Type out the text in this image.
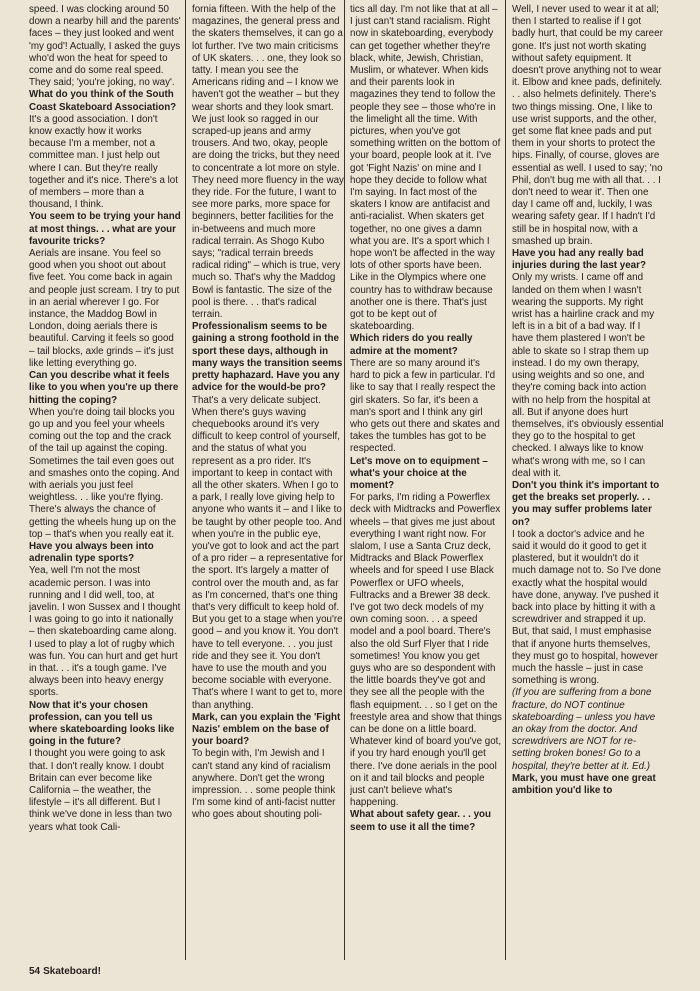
speed. I was clocking around 50 down a nearby hill and the parents' faces – they just looked and went 'my god'! Actually, I asked the guys who'd won the heat for speed to come and do some real speed. They said; 'you're joking, no way'.

What do you think of the South Coast Skateboard Association?

It's a good association. I don't know exactly how it works because I'm a member, not a committee man. I just help out where I can. But they're really together and it's nice. There's a lot of members – more than a thousand, I think.

You seem to be trying your hand at most things. . . what are your favourite tricks?

Aerials are insane. You feel so good when you shoot out about five feet. You come back in again and people just scream. I try to put in an aerial wherever I go. For instance, the Maddog Bowl in London, doing aerials there is beautiful. Carving it feels so good – tail blocks, axle grinds – it's just like letting everything go.

Can you describe what it feels like to you when you're up there hitting the coping?

When you're doing tail blocks you go up and you feel your wheels coming out the top and the crack of the tail up against the coping. Sometimes the tail even goes out and smashes onto the coping. And with aerials you just feel weightless. . . like you're flying. There's always the chance of getting the wheels hung up on the top – that's when you really eat it.

Have you always been into adrenalin type sports?

Yea, well I'm not the most academic person. I was into running and I did well, too, at javelin. I won Sussex and I thought I was going to go into it nationally – then skateboarding came along. I used to play a lot of rugby which was fun. You can hurt and get hurt in that. . . it's a tough game. I've always been into heavy energy sports.

Now that it's your chosen profession, can you tell us where skateboarding looks like going in the future?

I thought you were going to ask that. I don't really know. I doubt Britain can ever become like California – the weather, the lifestyle – it's all different. But I think we've done in less than two years what took Cali-

fornia fifteen. With the help of the magazines, the general press and the skaters themselves, it can go a lot further. I've two main criticisms of UK skaters. . . one, they look so tatty. I mean you see the Americans riding and – I know we haven't got the weather – but they wear shorts and they look smart. We just look so ragged in our scraped-up jeans and army trousers. And two, okay, people are doing the tricks, but they need to concentrate a lot more on style. They need more fluency in the way they ride. For the future, I want to see more parks, more space for beginners, better facilities for the in-betweens and much more radical terrain. As Shogo Kubo says; "radical terrain breeds radical riding" – which is true, very much so. That's why the Maddog Bowl is fantastic. The size of the pool is there. . . that's radical terrain.

Professionalism seems to be gaining a strong foothold in the sport these days, although in many ways the transition seems pretty haphazard. Have you any advice for the would-be pro?

That's a very delicate subject. When there's guys waving chequebooks around it's very difficult to keep control of yourself, and the status of what you represent as a pro rider. It's important to keep in contact with all the other skaters. When I go to a park, I really love giving help to anyone who wants it – and I like to be taught by other people too. And when you're in the public eye, you've got to look and act the part of a pro rider – a representative for the sport. It's largely a matter of control over the mouth and, as far as I'm concerned, that's one thing that's very difficult to keep hold of. But you get to a stage when you're good – and you know it. You don't have to tell everyone. . . you just ride and they see it. You don't have to use the mouth and you become sociable with everyone. That's where I want to get to, more than anything.

Mark, can you explain the 'Fight Nazis' emblem on the base of your board?

To begin with, I'm Jewish and I can't stand any kind of racialism anywhere. Don't get the wrong impression. . . some people think I'm some kind of anti-facist nutter who goes about shouting poli-

tics all day. I'm not like that at all – I just can't stand racialism. Right now in skateboarding, everybody can get together whether they're black, white, Jewish, Christian, Muslim, or whatever. When kids and their parents look in magazines they tend to follow the people they see – those who're in the limelight all the time. With pictures, when you've got something written on the bottom of your board, people look at it. I've got 'Fight Nazis' on mine and I hope they decide to follow what I'm saying. In fact most of the skaters I know are antifacist and anti-racialist. When skaters get together, no one gives a damn what you are. It's a sport which I hope won't be affected in the way lots of other sports have been. Like in the Olympics where one country has to withdraw because another one is there. That's just got to be kept out of skateboarding.

Which riders do you really admire at the moment?

There are so many around it's hard to pick a few in particular. I'd like to say that I really respect the girl skaters. So far, it's been a man's sport and I think any girl who gets out there and skates and takes the tumbles has got to be respected.

Let's move on to equipment – what's your choice at the moment?

For parks, I'm riding a Powerflex deck with Midtracks and Powerflex wheels – that gives me just about everything I want right now. For slalom, I use a Santa Cruz deck, Midtracks and Black Powerflex wheels and for speed I use Black Powerflex or UFO wheels, Fultracks and a Brewer 38 deck. I've got two deck models of my own coming soon. . . a speed model and a pool board. There's also the old Surf Flyer that I ride sometimes! You know you get guys who are so despondent with the little boards they've got and they see all the people with the flash equipment. . . so I get on the freestyle area and show that things can be done on a little board. Whatever kind of board you've got, if you try hard enough you'll get there. I've done aerials in the pool on it and tail blocks and people just can't believe what's happening.

What about safety gear. . . you seem to use it all the time?

Well, I never used to wear it at all; then I started to realise if I got badly hurt, that could be my career gone. It's just not worth skating without safety equipment. It doesn't prove anything not to wear it. Elbow and knee pads, definitely. . . also helmets definitely. There's two things missing. One, I like to use wrist supports, and the other, get some flat knee pads and put them in your shorts to protect the hips. Finally, of course, gloves are essential as well. I used to say; 'no Phil, don't bug me with all that. . . I don't need to wear it'. Then one day I came off and, luckily, I was wearing safety gear. If I hadn't I'd still be in hospital now, with a smashed up brain.

Have you had any really bad injuries during the last year?

Only my wrists. I came off and landed on them when I wasn't wearing the supports. My right wrist has a hairline crack and my left is in a bit of a bad way. If I have them plastered I won't be able to skate so I strap them up instead. I do my own therapy, using weights and so one, and they're coming back into action with no help from the hospital at all. But if anyone does hurt themselves, it's obviously essential they go to the hospital to get checked. I always like to know what's wrong with me, so I can deal with it.

Don't you think it's important to get the breaks set properly. . . you may suffer problems later on?

I took a doctor's advice and he said it would do it good to get it plastered, but it wouldn't do it much damage not to. So I've done exactly what the hospital would have done, anyway. I've pushed it back into place by hitting it with a screwdriver and strapped it up. But, that said, I must emphasise that if anyone hurts themselves, they must go to hospital, however much the hassle – just in case something is wrong.

(If you are suffering from a bone fracture, do NOT continue skateboarding – unless you have an okay from the doctor. And screwdrivers are NOT for re-setting broken bones! Go to a hospital, they're better at it. Ed.)

Mark, you must have one great ambition you'd like to

54 Skateboard!
